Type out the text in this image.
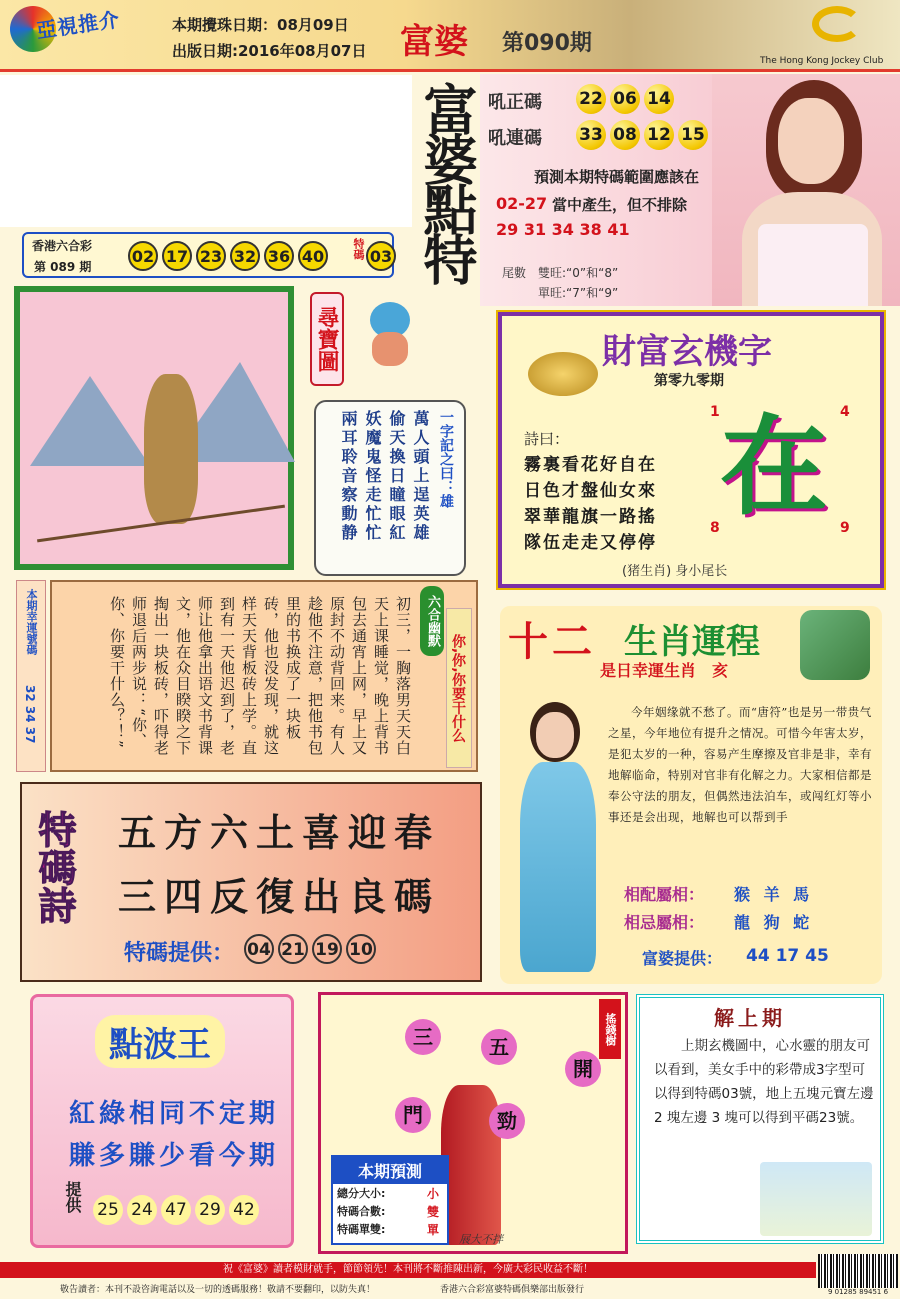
亞視推介	本期攪珠日期：08月09日
出版日期:2016年08月07日 富婆 第090期
The Hong Kong Jockey Club
富婆點特 吼正碼 22 06 14
吼連碼 33 08 12 15
預測本期特碼範圍應該在
02-27 當中產生，但不排除
29 31 34 38 41
尾數 雙旺:“0”和“8”
單旺:“7”和“9”
香港六合彩
第 089 期
02 17 23 32 36 40	特碼 03
尋寶圖
一字記之曰：雄
萬人頭上逞英雄
偷天換日瞳眼紅
妖魔鬼怪走忙忙
兩耳聆音察動静
財富玄機字
第零九零期
1	4
8	9
在
詩曰：
霧裏看花好自在
日色才盤仙女來
翠華龍旗一路搖
隊伍走走又停停
(猪生肖) 身小尾长
本期幸運號碼
32 34 37	初三，一胸落男天天白天上课睡觉，晚上背书包去通宵上网，早上又原封不动背回来。有人趁他不注意，把他书包里的书换成了一块板砖，他也没发现，就这样天天背板砖上学。直到有一天他迟到了，老师让他拿出语文书背课文，他在众目睽睽之下掏出一块板砖，吓得老师退后两步说：“你、你、你要干什么？！”	六合幽默
你,你,你要干什么 十二 生肖運程
是日幸運生肖　亥
今年姻缘就不愁了。而“唐符”也是另一带贵气之星，今年地位有提升之情况。可惜今年害太岁，是犯太岁的一种，容易产生摩擦及官非是非，幸有地解临命，特别对官非有化解之力。大家相信都是奉公守法的朋友，但偶然违法泊车，或闯红灯等小事还是会出现，地解也可以帮到手
相配屬相： 猴 羊 馬
相忌屬相： 龍 狗 蛇
富婆提供： 44 17 45
特碼詩 五方六土喜迎春
三四反復出良碼
特碼提供： 04 21 19 10
點波王
紅綠相同不定期
賺多賺少看今期
提供 25 24 47 29 42
搖錢樹
三	五
開
門	勁
展大不拌
本期預測
總分大小:	小
特碼合數:	雙
特碼單雙:	單
解上期
上期玄機圖中，心水靈的朋友可以看到，美女手中的彩帶成3字型可以得到特碼03號，地上五塊元寶左邊 2 塊左邊 3 塊可以得到平碼23號。
祝《富婆》讀者模財就手，節節領先！本刊將不斷推陳出新，今廣大彩民收益不斷！
敬告讀者：本刊不設咨詢電話以及一切的透碼服務！敬請不要翻印，以防失真！	香港六合彩富婆特碼俱樂部出版發行	9 01285 89451 6
